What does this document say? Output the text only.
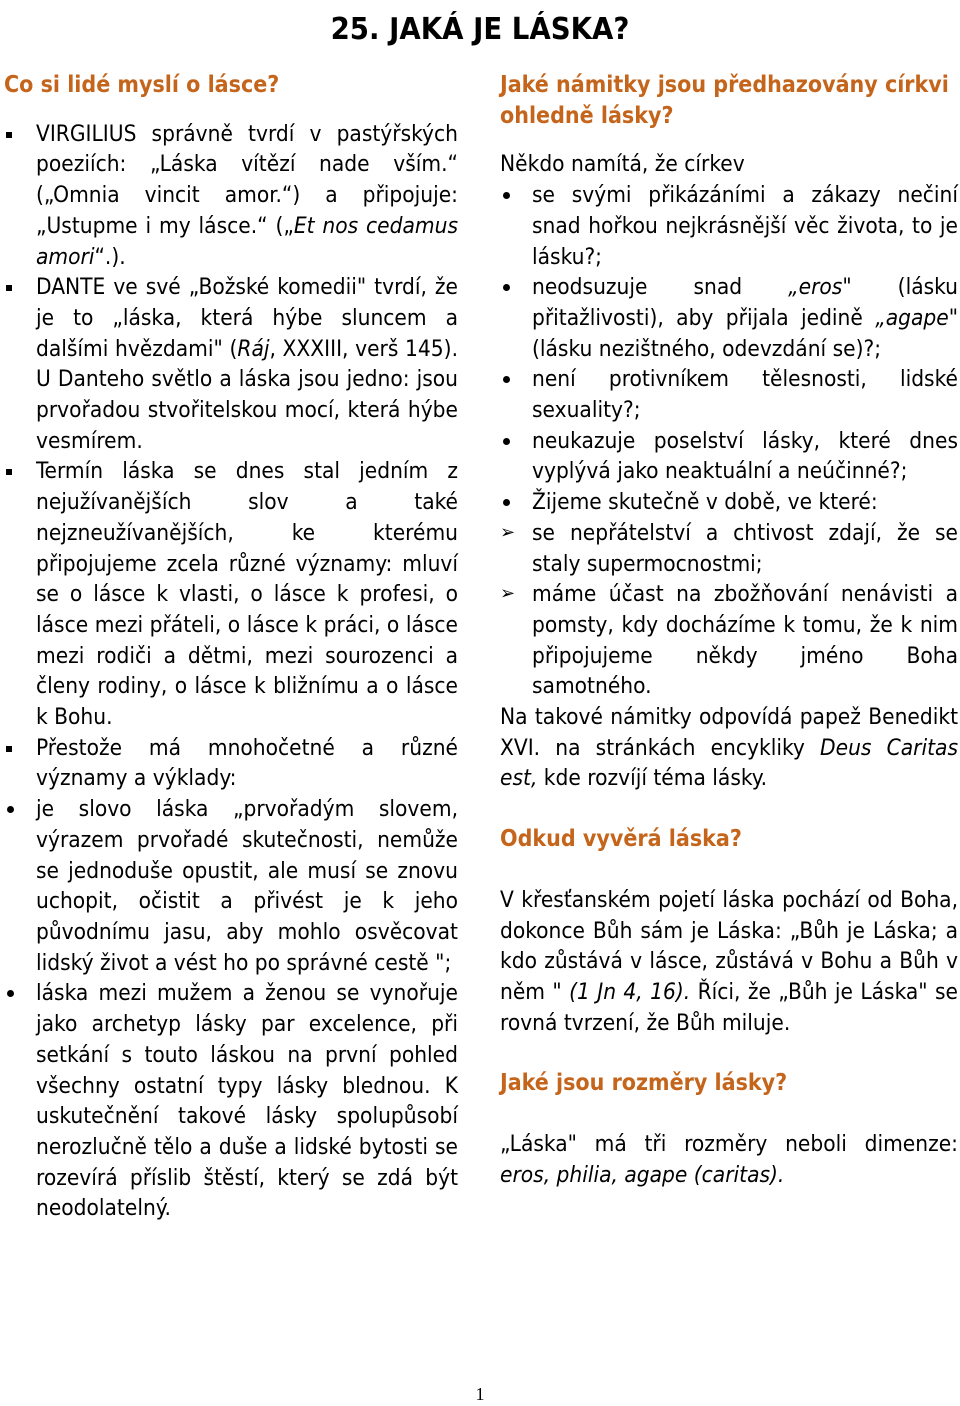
25. JAKÁ JE LÁSKA?
Co si lidé myslí o lásce?
VIRGILIUS správně tvrdí v pastýřských poeziích: „Láska vítězí nade vším.“ („Omnia vincit amor.“) a připojuje: „Ustupme i my lásce.“ („Et nos cedamus amori“.).
DANTE ve své „Božské komedii" tvrdí, že je to „láska, která hýbe sluncem a dalšími hvězdami" (Ráj, XXXIII, verš 145). U Danteho světlo a láska jsou jedno: jsou prvořadou stvořitelskou mocí, která hýbe vesmírem.
Termín láska se dnes stal jedním z nejužívanějších slov a také nejzneužívanějších, ke kterému připojujeme zcela různé významy: mluví se o lásce k vlasti, o lásce k profesi, o lásce mezi přáteli, o lásce k práci, o lásce mezi rodiči a dětmi, mezi sourozenci a členy rodiny, o lásce k bližnímu a o lásce k Bohu.
Přestože má mnohočetné a různé významy a výklady:
je slovo láska „prvořadým slovem, výrazem prvořadé skutečnosti, nemůže se jednoduše opustit, ale musí se znovu uchopit, očistit a přivést je k jeho původnímu jasu, aby mohlo osvěcovat lidský život a vést ho po správné cestě ";
láska mezi mužem a ženou se vynořuje jako archetyp lásky par excelence, při setkání s touto láskou na první pohled všechny ostatní typy lásky blednou. K uskutečnění takové lásky spolupůsobí nerozlučně tělo a duše a lidské bytosti se rozevírá příslib štěstí, který se zdá být neodolatelný.
Jaké námitky jsou předhazovány církvi ohledně lásky?

Někdo namítá, že církev

se svými přikázáními a zákazy nečiní snad hořkou nejkrásnější věc života, to je lásku?;
neodsuzuje snad „eros" (lásku přitažlivosti), aby přijala jedině „agape" (lásku nezištného, odevzdání se)?;
není protivníkem tělesnosti, lidské sexuality?;
neukazuje poselství lásky, které dnes vyplývá jako neaktuální a neúčinné?;
Žijeme skutečně v době, ve které:
➢ se nepřátelství a chtivost zdají, že se staly supermocnostmi;
➢ máme účast na zbožňování nenávisti a pomsty, kdy docházíme k tomu, že k nim připojujeme někdy jméno Boha samotného.

Na takové námitky odpovídá papež Benedikt XVI. na stránkách encykliky Deus Caritas est, kde rozvíjí téma lásky.

Odkud vyvěrá láska?

V křesťanském pojetí láska pochází od Boha, dokonce Bůh sám je Láska: „Bůh je Láska; a kdo zůstává v lásce, zůstává v Bohu a Bůh v něm " (1 Jn 4, 16). Říci, že „Bůh je Láska" se rovná tvrzení, že Bůh miluje.

Jaké jsou rozměry lásky?

„Láska" má tři rozměry neboli dimenze: eros, philia, agape (caritas).

1
